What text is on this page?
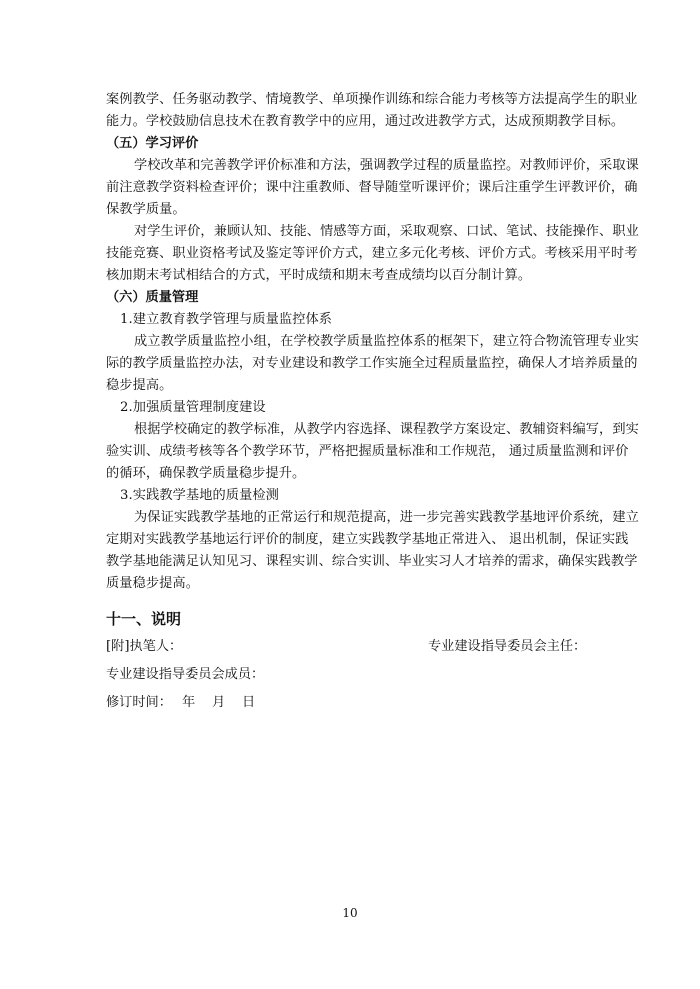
案例教学、任务驱动教学、情境教学、单项操作训练和综合能力考核等方法提高学生的职业
能力。学校鼓励信息技术在教育教学中的应用，通过改进教学方式，达成预期教学目标。
（五）学习评价
学校改革和完善教学评价标准和方法，强调教学过程的质量监控。对教师评价，采取课
前注意教学资料检查评价；课中注重教师、督导随堂听课评价；课后注重学生评教评价，确
保教学质量。
对学生评价，兼顾认知、技能、情感等方面，采取观察、口试、笔试、技能操作、职业
技能竞赛、职业资格考试及鉴定等评价方式，建立多元化考核、评价方式。考核采用平时考
核加期末考试相结合的方式，平时成绩和期末考查成绩均以百分制计算。
（六）质量管理
1.建立教育教学管理与质量监控体系
成立教学质量监控小组，在学校教学质量监控体系的框架下，建立符合物流管理专业实
际的教学质量监控办法，对专业建设和教学工作实施全过程质量监控，确保人才培养质量的
稳步提高。
2.加强质量管理制度建设
根据学校确定的教学标准，从教学内容选择、课程教学方案设定、教辅资料编写，到实
验实训、成绩考核等各个教学环节，严格把握质量标准和工作规范， 通过质量监测和评价
的循环，确保教学质量稳步提升。
3.实践教学基地的质量检测
为保证实践教学基地的正常运行和规范提高，进一步完善实践教学基地评价系统，建立
定期对实践教学基地运行评价的制度，建立实践教学基地正常进入、 退出机制，保证实践
教学基地能满足认知见习、课程实训、综合实训、毕业实习人才培养的需求，确保实践教学
质量稳步提高。
十一、说明
[附]执笔人：	专业建设指导委员会主任：
专业建设指导委员会成员：
修订时间： 年 月 日
10
